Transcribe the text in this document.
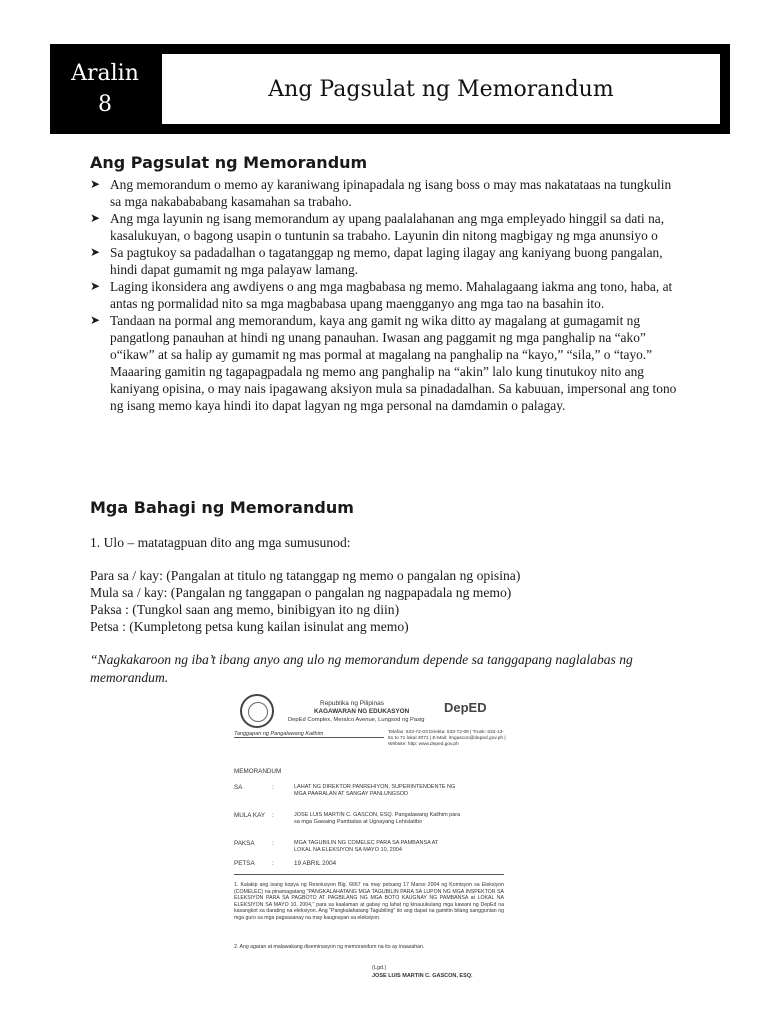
Aralin
8
Ang Pagsulat ng Memorandum
Ang Pagsulat ng Memorandum
➤ Ang memorandum o memo ay karaniwang ipinapadala ng isang boss o may mas nakatataas na tungkulin sa mga nakabababang kasamahan sa trabaho.
➤ Ang mga layunin ng isang memorandum ay upang paalalahanan ang mga empleyado hinggil sa dati na, kasalukuyan, o bagong usapin o tuntunin sa trabaho. Layunin din nitong magbigay ng mga anunsiyo o
➤ Sa pagtukoy sa padadalhan o tagatanggap ng memo, dapat laging ilagay ang kaniyang buong pangalan, hindi dapat gumamit ng mga palayaw lamang.
➤ Laging ikonsidera ang awdiyens o ang mga magbabasa ng memo. Mahalagaang iakma ang tono, haba, at antas ng pormalidad nito sa mga magbabasa upang maengganyo ang mga tao na basahin ito.
➤ Tandaan na pormal ang memorandum, kaya ang gamit ng wika ditto ay magalang at gumagamit ng pangatlong panauhan at hindi ng unang panauhan. Iwasan ang paggamit ng mga panghalip na “ako” o“ikaw” at sa halip ay gumamit ng mas pormal at magalang na panghalip na “kayo,” “sila,” o “tayo.” Maaaring gamitin ng tagapagpadala ng memo ang panghalip na “akin” lalo kung tinutukoy nito ang kaniyang opisina, o may nais ipagawang aksiyon mula sa pinadadalhan. Sa kabuuan, impersonal ang tono ng isang memo kaya hindi ito dapat lagyan ng mga personal na damdamin o palagay.
Mga Bahagi ng Memorandum
1. Ulo – matatagpuan dito ang mga sumusunod:
Para sa / kay: (Pangalan at titulo ng tatanggap ng memo o pangalan ng opisina)
Mula sa / kay: (Pangalan ng tanggapan o pangalan ng nagpapadala ng memo)
Paksa : (Tungkol saan ang memo, binibigyan ito ng diin)
Petsa : (Kumpletong petsa kung kailan isinulat ang memo)
“Nagkakaroon ng iba’t ibang anyo ang ulo ng memorandum depende sa tanggapang naglalabas ng memorandum.
Republika ng Pilipinas
KAGAWARAN NG EDUKASYON
DepEd Complex, Meralco Avenue, Lungsod ng Pasig
DepED
Tanggapan ng Pangalawang Kalihim	Telefax: 633-72-03 Direkta: 633-72-09 | Trunk: 632-13-61 to 71 lokal 2071 | E-Mail: lrngascon@deped.gov.ph | Website: http: www.deped.gov.ph
MEMORANDUM
SA	:	LAHAT NG DIREKTOR PANREHIYON, SUPERINTENDENTE NG MGA PAARALAN AT SANGAY PANLUNGSOD
MULA KAY :	JOSE LUIS MARTIN C. GASCON, ESQ. Pangalawang Kalihim para sa mga Gawaing Pambatas at Ugnayang Lehislatibo
PAKSA	:	MGA TAGUBILIN NG COMELEC PARA SA PAMBANSA AT LOKAL NA ELEKSIYON SA MAYO 10, 2004
PETSA	:	19 ABRIL 2004
1. Kalakip ang isang kopya ng Resolusyon Blg. 6667 na may petsang 17 Marso 2004 ng Komisyon sa Eleksiyon (COMELEC) na pinamagatang "PANGKALAHATANG MGA TAGUBILIN PARA SA LUPON NG MGA INSPEKTOR SA ELEKSIYON PARA SA PAGBOTO AT PAGBILANG NG MGA BOTO KAUGNAY NG PAMBANSA at LOKAL NA ELEKSIYON SA MAYO 10, 2004," para sa kaalaman at gabay ng lahat ng kinauukulang mga kawani ng DepEd na kasangkot sa darating na eleksiyon. Ang "Pangkalahatang Tagubiling" ito ang dapat na gamitin bilang sanggunian ng mga guro sa mga pagsasanay na may kaugnayan sa eleksiyon.
2. Ang agaran at malawakang diseminasyon ng memorandum na ito ay inaasahan.
(Lgd.)
JOSE LUIS MARTIN C. GASCON, ESQ.
